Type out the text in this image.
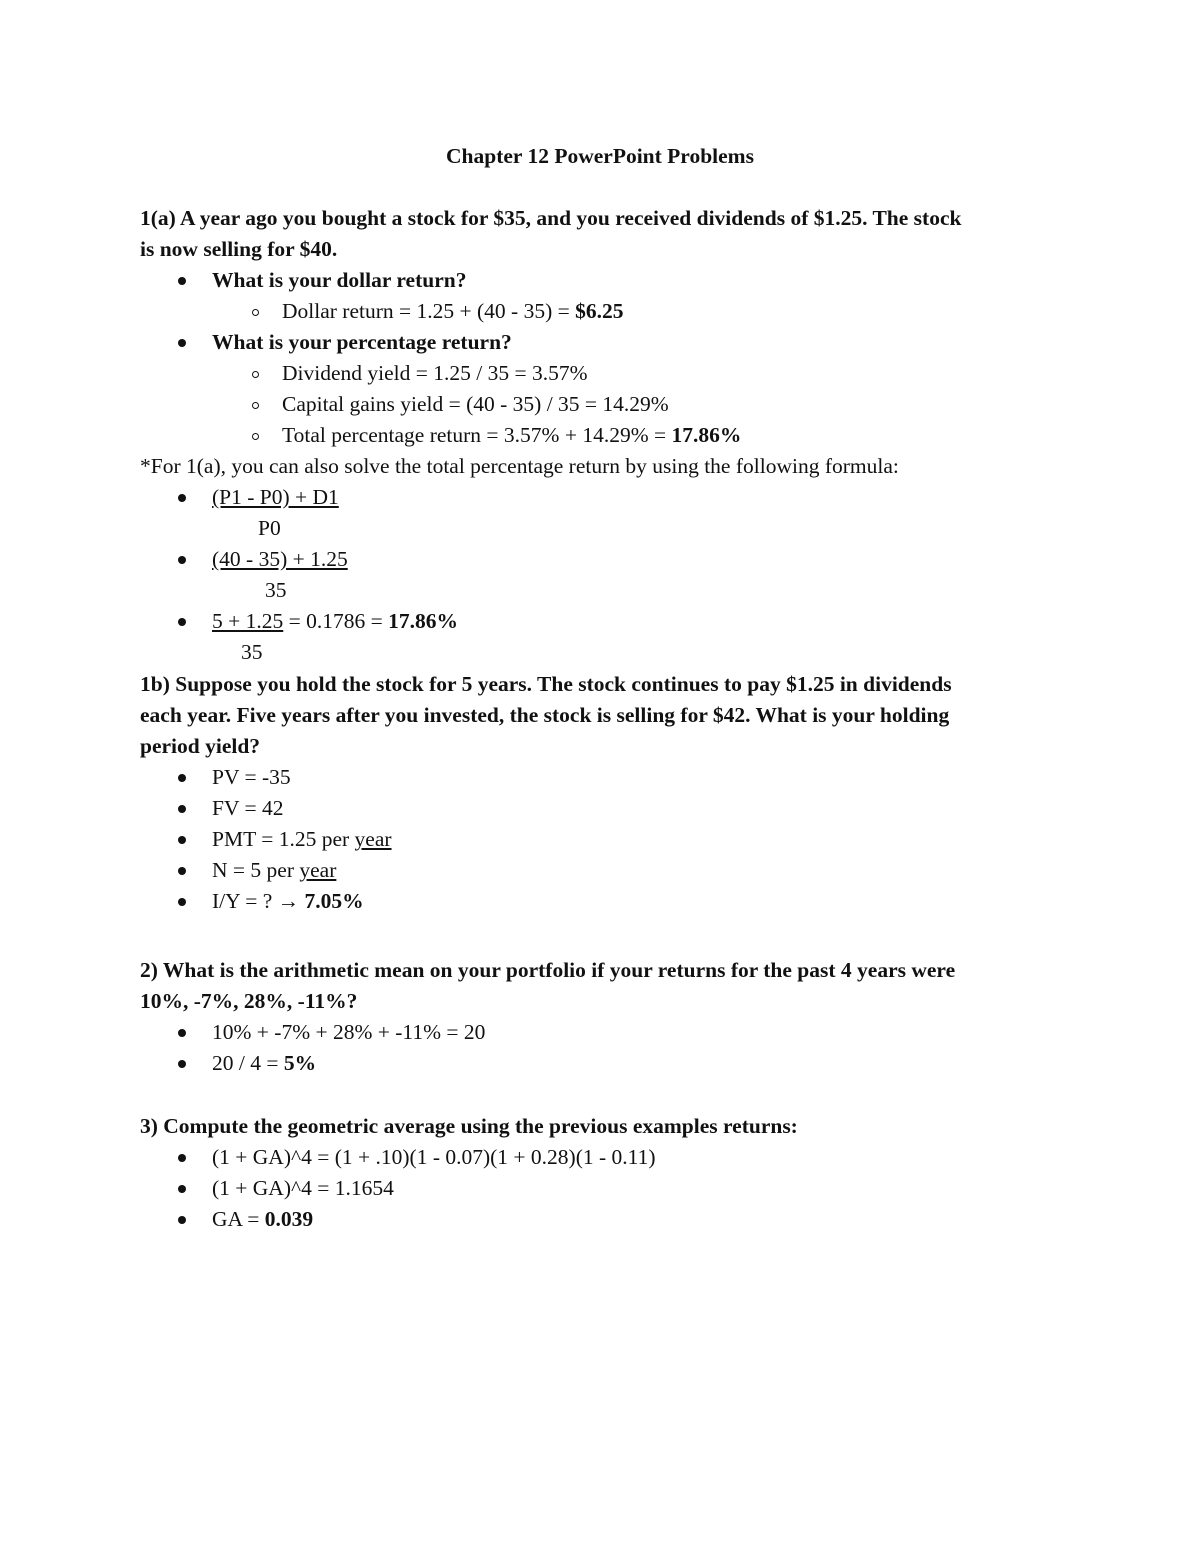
Chapter 12 PowerPoint Problems
1(a) A year ago you bought a stock for $35, and you received dividends of $1.25. The stock
is now selling for $40.
What is your dollar return?
Dollar return = 1.25 + (40 - 35) = $6.25
What is your percentage return?
Dividend yield = 1.25 / 35 = 3.57%
Capital gains yield = (40 - 35) / 35 = 14.29%
Total percentage return = 3.57% + 14.29% = 17.86%
*For 1(a), you can also solve the total percentage return by using the following formula:
(P1 - P0) + D1
P0
(40 - 35) + 1.25
35
5 + 1.25 = 0.1786 = 17.86%
35
1b) Suppose you hold the stock for 5 years. The stock continues to pay $1.25 in dividends
each year. Five years after you invested, the stock is selling for $42. What is your holding
period yield?
PV = -35
FV = 42
PMT = 1.25 per year
N = 5 per year
I/Y = ? → 7.05%
2) What is the arithmetic mean on your portfolio if your returns for the past 4 years were
10%, -7%, 28%, -11%?
10% + -7% + 28% + -11% = 20
20 / 4 = 5%
3) Compute the geometric average using the previous examples returns:
(1 + GA)^4 = (1 + .10)(1 - 0.07)(1 + 0.28)(1 - 0.11)
(1 + GA)^4 = 1.1654
GA = 0.039
